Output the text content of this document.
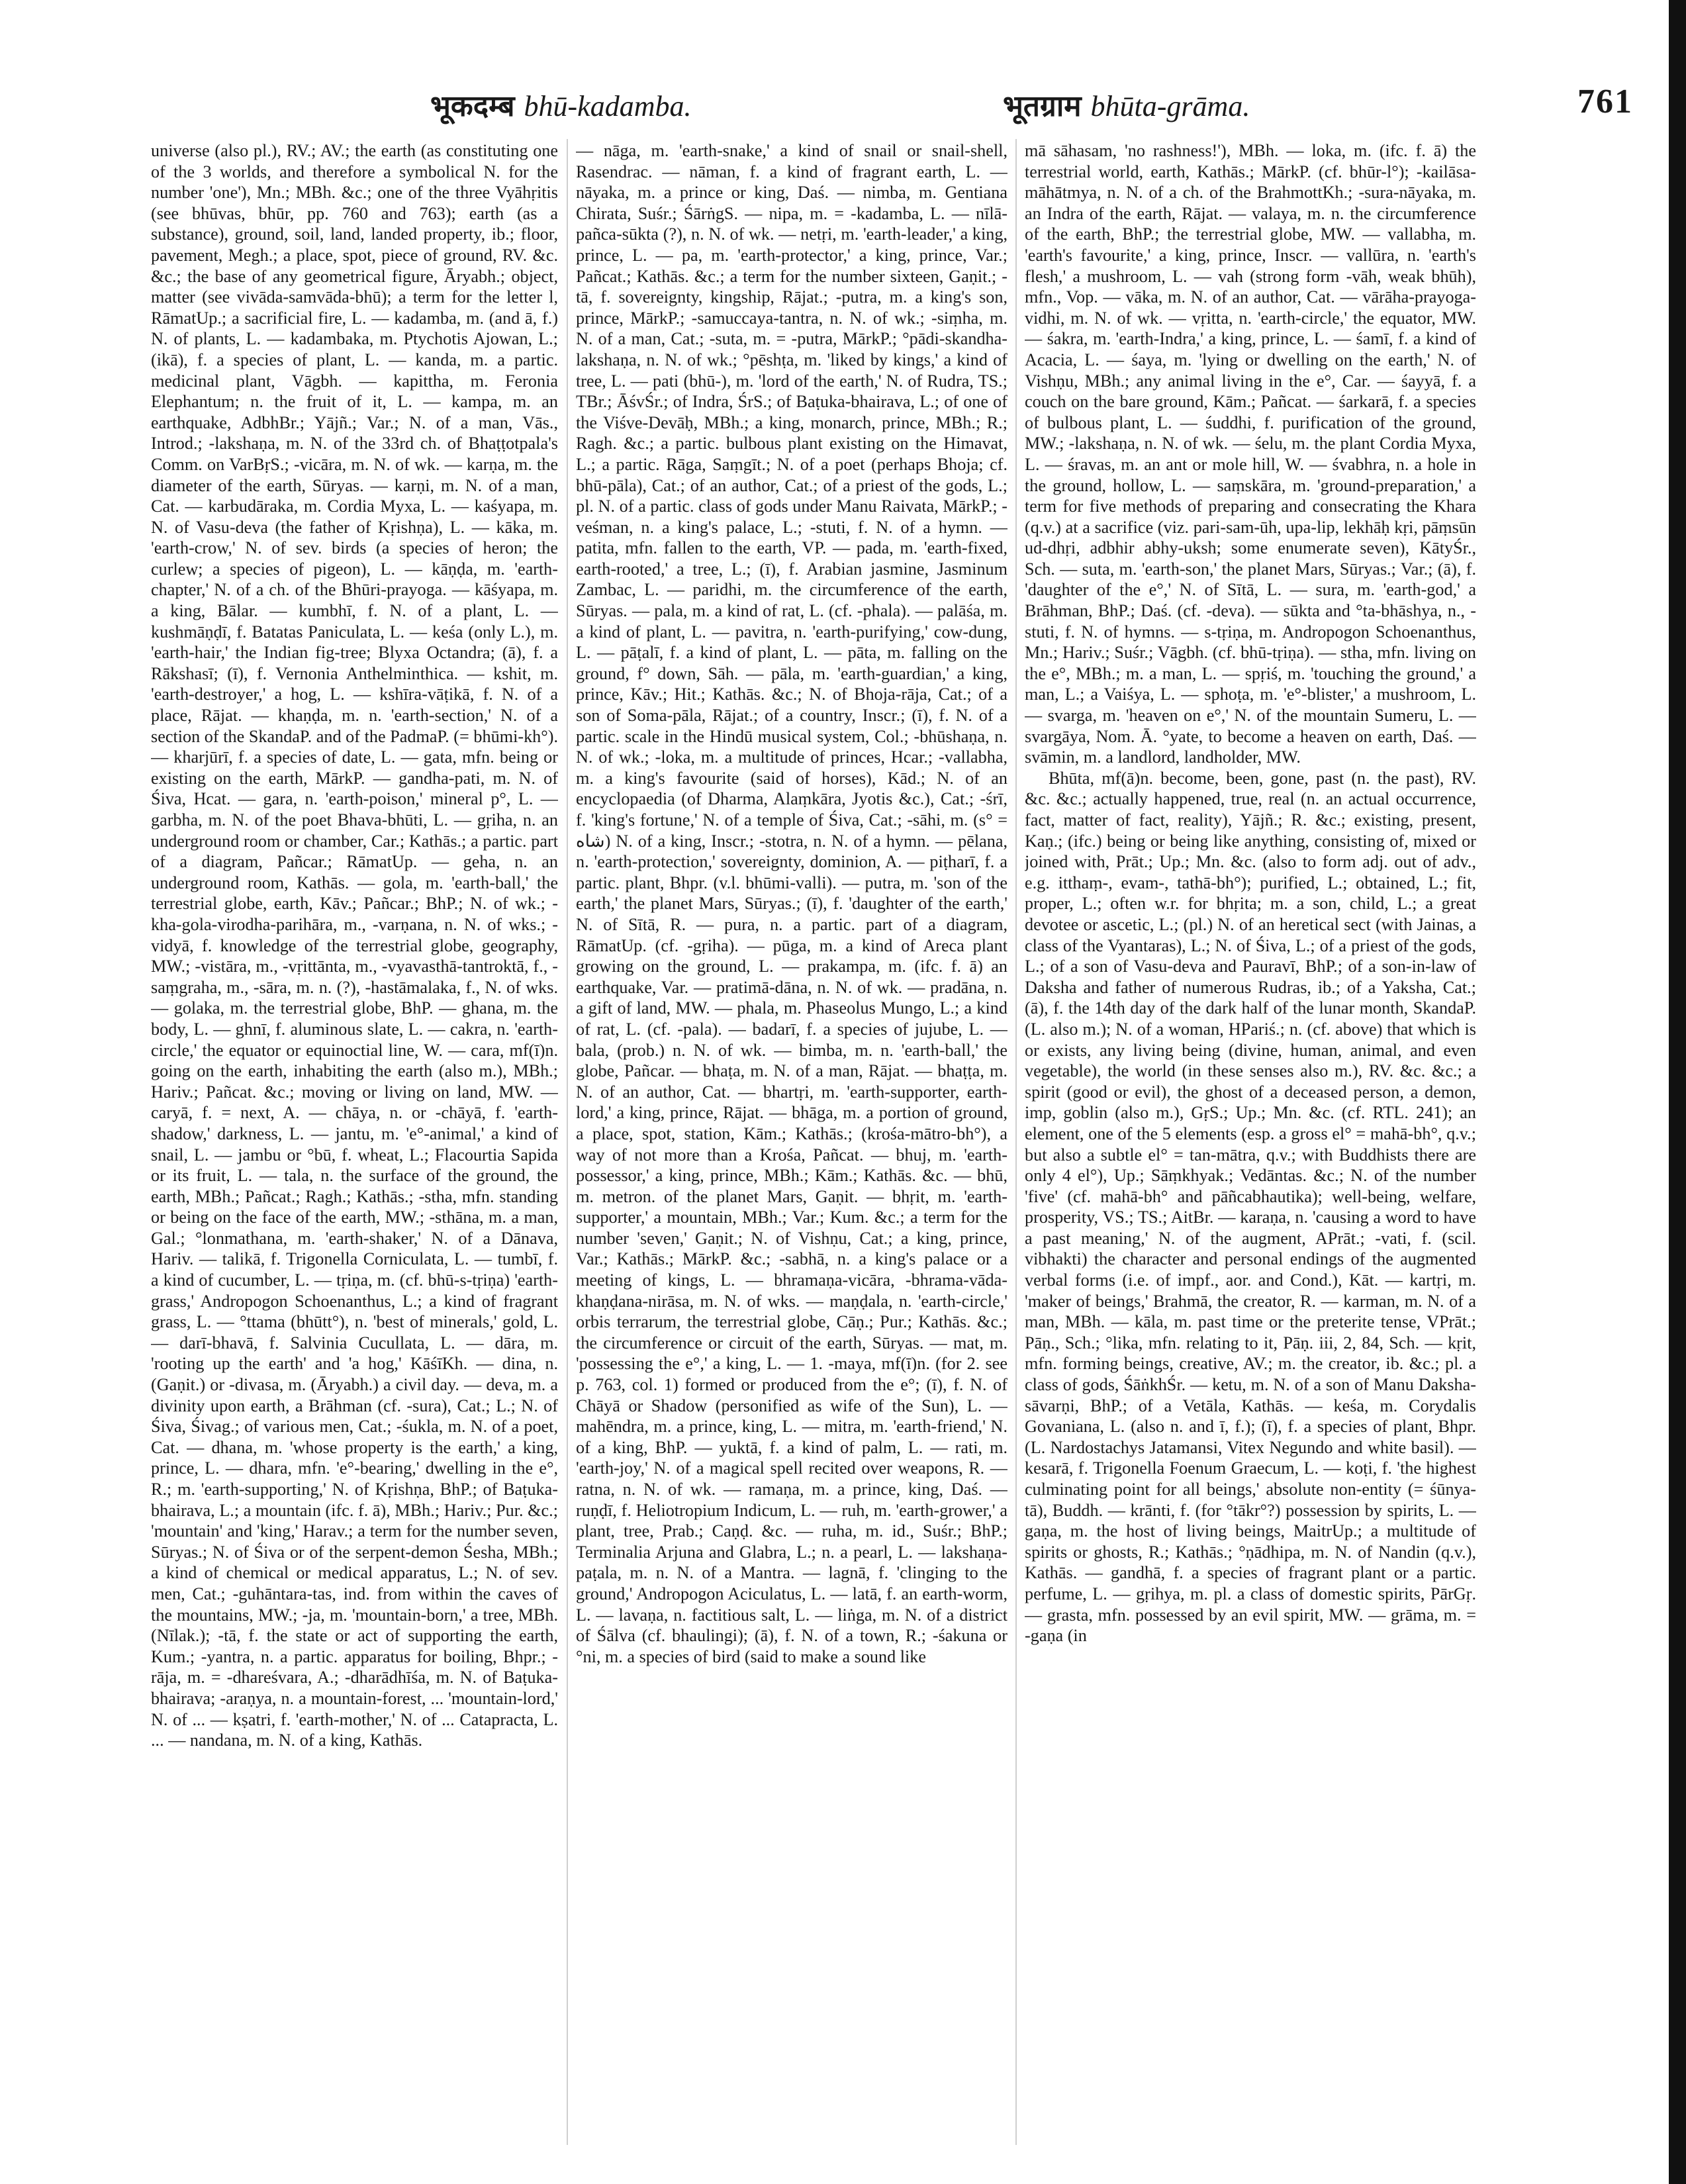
भूकदम्ब bhū-kadamba.	भूतग्राम bhūta-grāma.	761

universe (also pl.), RV.; AV.; the earth (as constituting one of the 3 worlds, and therefore a symbolical N. for the number 'one'), Mn.; MBh. &c.; one of the three Vyāhṛitis (see bhūvas, bhūr, pp. 760 and 763); earth (as a substance), ground, soil, land, landed property, ib.; floor, pavement, Megh.; a place, spot, piece of ground, RV. &c. &c.; the base of any geometrical figure, Āryabh.; object, matter (see vivāda-samvāda-bhū); a term for the letter l, RāmatUp.; a sacrificial fire, L. — kadamba, m. (and ā, f.) N. of plants, L. — kadambaka, m. Ptychotis Ajowan, L.; (ikā), f. a species of plant, L. — kanda, m. a partic. medicinal plant, Vāgbh. — kapittha, m. Feronia Elephantum; n. the fruit of it, L. — kampa, m. an earthquake, AdbhBr.; Yājñ.; Var.; N. of a man, Vās., Introd.; -lakshaṇa, m. N. of the 33rd ch. of Bhaṭṭotpala's Comm. on VarBṛS.; -vicāra, m. N. of wk. — karṇa, m. the diameter of the earth, Sūryas. — karṇi, m. N. of a man, Cat. — karbudāraka, m. Cordia Myxa, L. — kaśyapa, m. N. of Vasu-deva (the father of Kṛishṇa), L. — kāka, m. 'earth-crow,' N. of sev. birds (a species of heron; the curlew; a species of pigeon), L. — kāṇḍa, m. 'earth-chapter,' N. of a ch. of the Bhūri-prayoga. — kāśyapa, m. a king, Bālar. — kumbhī, f. N. of a plant, L. — kushmāṇḍī, f. Batatas Paniculata, L. — keśa (only L.), m. 'earth-hair,' the Indian fig-tree; Blyxa Octandra; (ā), f. a Rākshasī; (ī), f. Vernonia Anthelminthica. — kshit, m. 'earth-destroyer,' a hog, L. — kshīra-vāṭikā, f. N. of a place, Rājat. — khaṇḍa, m. n. 'earth-section,' N. of a section of the SkandaP. and of the PadmaP. (= bhūmi-kh°). — kharjūrī, f. a species of date, L. — gata, mfn. being or existing on the earth, MārkP. — gandha-pati, m. N. of Śiva, Hcat. — gara, n. 'earth-poison,' mineral p°, L. — garbha, m. N. of the poet Bhava-bhūti, L. — gṛiha, n. an underground room or chamber, Car.; Kathās.; a partic. part of a diagram, Pañcar.; RāmatUp. — geha, n. an underground room, Kathās. — gola, m. 'earth-ball,' the terrestrial globe, earth, Kāv.; Pañcar.; BhP.; N. of wk.; -kha-gola-virodha-parihāra, m., -varṇana, n. N. of wks.; -vidyā, f. knowledge of the terrestrial globe, geography, MW.; -vistāra, m., -vṛittānta, m., -vyavasthā-tantroktā, f., -saṃgraha, m., -sāra, m. n. (?), -hastāmalaka, f., N. of wks. — golaka, m. the terrestrial globe, BhP. — ghana, m. the body, L. — ghnī, f. aluminous slate, L. — cakra, n. 'earth-circle,' the equator or equinoctial line, W. — cara, mf(ī)n. going on the earth, inhabiting the earth (also m.), MBh.; Hariv.; Pañcat. &c.; moving or living on land, MW. — caryā, f. = next, A. — chāya, n. or -chāyā, f. 'earth-shadow,' darkness, L. — jantu, m. 'e°-animal,' a kind of snail, L. — jambu or °bū, f. wheat, L.; Flacourtia Sapida or its fruit, L. — tala, n. the surface of the ground, the earth, MBh.; Pañcat.; Ragh.; Kathās.; -stha, mfn. standing or being on the face of the earth, MW.; -sthāna, m. a man, Gal.; °lonmathana, m. 'earth-shaker,' N. of a Dānava, Hariv. — talikā, f. Trigonella Corniculata, L. — tumbī, f. a kind of cucumber, L. — tṛiṇa, m. (cf. bhū-s-tṛiṇa) 'earth-grass,' Andropogon Schoenanthus, L.; a kind of fragrant grass, L. — °ttama (bhūtt°), n. 'best of minerals,' gold, L. — darī-bhavā, f. Salvinia Cucullata, L. — dāra, m. 'rooting up the earth' and 'a hog,' KāśīKh. — dina, n. (Gaṇit.) or -divasa, m. (Āryabh.) a civil day. — deva, m. a divinity upon earth, a Brāhman (cf. -sura), Cat.; L.; N. of Śiva, Śivag.; of various men, Cat.; -śukla, m. N. of a poet, Cat. — dhana, m. 'whose property is the earth,' a king, prince, L. — dhara, mfn. 'e°-bearing,' dwelling in the e°, R.; m. 'earth-supporting,' N. of Kṛishṇa, BhP.; of Baṭuka-bhairava, L.; a mountain (ifc. f. ā), MBh.; Hariv.; Pur. &c.; 'mountain' and 'king,' Harav.; a term for the number seven, Sūryas.; N. of Śiva or of the serpent-demon Śesha, MBh.; a kind of chemical or medical apparatus, L.; N. of sev. men, Cat.; -guhāntara-tas, ind. from within the caves of the mountains, MW.; -ja, m. 'mountain-born,' a tree, MBh. (Nīlak.); -tā, f. the state or act of supporting the earth, Kum.; -yantra, n. a partic. apparatus for boiling, Bhpr.; -rāja, m. = -dhareśvara, A.; -dharādhīśa, m. N. of Baṭuka-bhairava; -araṇya, n. a mountain-forest, ... 'mountain-lord,' N. of ... — kṣatri, f. 'earth-mother,' N. of ... Catapracta, L. ... — nandana, m. N. of a king, Kathās.

— nāga, m. 'earth-snake,' a kind of snail or snail-shell, Rasendrac. — nāman, f. a kind of fragrant earth, L. — nāyaka, m. a prince or king, Daś. — nimba, m. Gentiana Chirata, Suśr.; ŚārṅgS. — nipa, m. = -kadamba, L. — nīlā-pañca-sūkta (?), n. N. of wk. — netṛi, m. 'earth-leader,' a king, prince, L. — pa, m. 'earth-protector,' a king, prince, Var.; Pañcat.; Kathās. &c.; a term for the number sixteen, Gaṇit.; -tā, f. sovereignty, kingship, Rājat.; -putra, m. a king's son, prince, MārkP.; -samuccaya-tantra, n. N. of wk.; -siṃha, m. N. of a man, Cat.; -suta, m. = -putra, MārkP.; °pādi-skandha-lakshaṇa, n. N. of wk.; °pēshṭa, m. 'liked by kings,' a kind of tree, L. — pati (bhū-), m. 'lord of the earth,' N. of Rudra, TS.; TBr.; ĀśvŚr.; of Indra, ŚrS.; of Baṭuka-bhairava, L.; of one of the Viśve-Devāḥ, MBh.; a king, monarch, prince, MBh.; R.; Ragh. &c.; a partic. bulbous plant existing on the Himavat, L.; a partic. Rāga, Saṃgīt.; N. of a poet (perhaps Bhoja; cf. bhū-pāla), Cat.; of an author, Cat.; of a priest of the gods, L.; pl. N. of a partic. class of gods under Manu Raivata, MārkP.; -veśman, n. a king's palace, L.; -stuti, f. N. of a hymn. — patita, mfn. fallen to the earth, VP. — pada, m. 'earth-fixed, earth-rooted,' a tree, L.; (ī), f. Arabian jasmine, Jasminum Zambac, L. — paridhi, m. the circumference of the earth, Sūryas. — pala, m. a kind of rat, L. (cf. -phala). — palāśa, m. a kind of plant, L. — pavitra, n. 'earth-purifying,' cow-dung, L. — pāṭalī, f. a kind of plant, L. — pāta, m. falling on the ground, f° down, Sāh. — pāla, m. 'earth-guardian,' a king, prince, Kāv.; Hit.; Kathās. &c.; N. of Bhoja-rāja, Cat.; of a son of Soma-pāla, Rājat.; of a country, Inscr.; (ī), f. N. of a partic. scale in the Hindū musical system, Col.; -bhūshaṇa, n. N. of wk.; -loka, m. a multitude of princes, Hcar.; -vallabha, m. a king's favourite (said of horses), Kād.; N. of an encyclopaedia (of Dharma, Alaṃkāra, Jyotis &c.), Cat.; -śrī, f. 'king's fortune,' N. of a temple of Śiva, Cat.; -sāhi, m. (s° = شاه) N. of a king, Inscr.; -stotra, n. N. of a hymn. — pēlana, n. 'earth-protection,' sovereignty, dominion, A. — piṭharī, f. a partic. plant, Bhpr. (v.l. bhūmi-valli). — putra, m. 'son of the earth,' the planet Mars, Sūryas.; (ī), f. 'daughter of the earth,' N. of Sītā, R. — pura, n. a partic. part of a diagram, RāmatUp. (cf. -gṛiha). — pūga, m. a kind of Areca plant growing on the ground, L. — prakampa, m. (ifc. f. ā) an earthquake, Var. — pratimā-dāna, n. N. of wk. — pradāna, n. a gift of land, MW. — phala, m. Phaseolus Mungo, L.; a kind of rat, L. (cf. -pala). — badarī, f. a species of jujube, L. — bala, (prob.) n. N. of wk. — bimba, m. n. 'earth-ball,' the globe, Pañcar. — bhaṭa, m. N. of a man, Rājat. — bhaṭṭa, m. N. of an author, Cat. — bhartṛi, m. 'earth-supporter, earth-lord,' a king, prince, Rājat. — bhāga, m. a portion of ground, a place, spot, station, Kām.; Kathās.; (krośa-mātro-bh°), a way of not more than a Krośa, Pañcat. — bhuj, m. 'earth-possessor,' a king, prince, MBh.; Kām.; Kathās. &c. — bhū, m. metron. of the planet Mars, Gaṇit. — bhṛit, m. 'earth-supporter,' a mountain, MBh.; Var.; Kum. &c.; a term for the number 'seven,' Gaṇit.; N. of Vishṇu, Cat.; a king, prince, Var.; Kathās.; MārkP. &c.; -sabhā, n. a king's palace or a meeting of kings, L. — bhramaṇa-vicāra, -bhrama-vāda-khaṇḍana-nirāsa, m. N. of wks. — maṇḍala, n. 'earth-circle,' orbis terrarum, the terrestrial globe, Cāṇ.; Pur.; Kathās. &c.; the circumference or circuit of the earth, Sūryas. — mat, m. 'possessing the e°,' a king, L. — 1. -maya, mf(ī)n. (for 2. see p. 763, col. 1) formed or produced from the e°; (ī), f. N. of Chāyā or Shadow (personified as wife of the Sun), L. — mahēndra, m. a prince, king, L. — mitra, m. 'earth-friend,' N. of a king, BhP. — yuktā, f. a kind of palm, L. — rati, m. 'earth-joy,' N. of a magical spell recited over weapons, R. — ratna, n. N. of wk. — ramaṇa, m. a prince, king, Daś. — ruṇḍī, f. Heliotropium Indicum, L. — ruh, m. 'earth-grower,' a plant, tree, Prab.; Caṇḍ. &c. — ruha, m. id., Suśr.; BhP.; Terminalia Arjuna and Glabra, L.; n. a pearl, L. — lakshaṇa-paṭala, m. n. N. of a Mantra. — lagnā, f. 'clinging to the ground,' Andropogon Aciculatus, L. — latā, f. an earth-worm, L. — lavaṇa, n. factitious salt, L. — liṅga, m. N. of a district of Śālva (cf. bhaulingi); (ā), f. N. of a town, R.; -śakuna or °ni, m. a species of bird (said to make a sound like

mā sāhasam, 'no rashness!'), MBh. — loka, m. (ifc. f. ā) the terrestrial world, earth, Kathās.; MārkP. (cf. bhūr-l°); -kailāsa-māhātmya, n. N. of a ch. of the BrahmottKh.; -sura-nāyaka, m. an Indra of the earth, Rājat. — valaya, m. n. the circumference of the earth, BhP.; the terrestrial globe, MW. — vallabha, m. 'earth's favourite,' a king, prince, Inscr. — vallūra, n. 'earth's flesh,' a mushroom, L. — vah (strong form -vāh, weak bhūh), mfn., Vop. — vāka, m. N. of an author, Cat. — vārāha-prayoga-vidhi, m. N. of wk. — vṛitta, n. 'earth-circle,' the equator, MW. — śakra, m. 'earth-Indra,' a king, prince, L. — śamī, f. a kind of Acacia, L. — śaya, m. 'lying or dwelling on the earth,' N. of Vishṇu, MBh.; any animal living in the e°, Car. — śayyā, f. a couch on the bare ground, Kām.; Pañcat. — śarkarā, f. a species of bulbous plant, L. — śuddhi, f. purification of the ground, MW.; -lakshaṇa, n. N. of wk. — śelu, m. the plant Cordia Myxa, L. — śravas, m. an ant or mole hill, W. — śvabhra, n. a hole in the ground, hollow, L. — saṃskāra, m. 'ground-preparation,' a term for five methods of preparing and consecrating the Khara (q.v.) at a sacrifice (viz. pari-sam-ūh, upa-lip, lekhāḥ kṛi, pāṃsūn ud-dhṛi, adbhir abhy-uksh; some enumerate seven), KātyŚr., Sch. — suta, m. 'earth-son,' the planet Mars, Sūryas.; Var.; (ā), f. 'daughter of the e°,' N. of Sītā, L. — sura, m. 'earth-god,' a Brāhman, BhP.; Daś. (cf. -deva). — sūkta and °ta-bhāshya, n., -stuti, f. N. of hymns. — s-tṛiṇa, m. Andropogon Schoenanthus, Mn.; Hariv.; Suśr.; Vāgbh. (cf. bhū-tṛiṇa). — stha, mfn. living on the e°, MBh.; m. a man, L. — spṛiś, m. 'touching the ground,' a man, L.; a Vaiśya, L. — sphoṭa, m. 'e°-blister,' a mushroom, L. — svarga, m. 'heaven on e°,' N. of the mountain Sumeru, L. — svargāya, Nom. Ā. °yate, to become a heaven on earth, Daś. — svāmin, m. a landlord, landholder, MW.

Bhūta, mf(ā)n. become, been, gone, past (n. the past), RV. &c. &c.; actually happened, true, real (n. an actual occurrence, fact, matter of fact, reality), Yājñ.; R. &c.; existing, present, Kaṇ.; (ifc.) being or being like anything, consisting of, mixed or joined with, Prāt.; Up.; Mn. &c. (also to form adj. out of adv., e.g. itthaṃ-, evam-, tathā-bh°); purified, L.; obtained, L.; fit, proper, L.; often w.r. for bhṛita; m. a son, child, L.; a great devotee or ascetic, L.; (pl.) N. of an heretical sect (with Jainas, a class of the Vyantaras), L.; N. of Śiva, L.; of a priest of the gods, L.; of a son of Vasu-deva and Pauravī, BhP.; of a son-in-law of Daksha and father of numerous Rudras, ib.; of a Yaksha, Cat.; (ā), f. the 14th day of the dark half of the lunar month, SkandaP. (L. also m.); N. of a woman, HPariś.; n. (cf. above) that which is or exists, any living being (divine, human, animal, and even vegetable), the world (in these senses also m.), RV. &c. &c.; a spirit (good or evil), the ghost of a deceased person, a demon, imp, goblin (also m.), GṛS.; Up.; Mn. &c. (cf. RTL. 241); an element, one of the 5 elements (esp. a gross el° = mahā-bh°, q.v.; but also a subtle el° = tan-mātra, q.v.; with Buddhists there are only 4 el°), Up.; Sāṃkhyak.; Vedāntas. &c.; N. of the number 'five' (cf. mahā-bh° and pāñcabhautika); well-being, welfare, prosperity, VS.; TS.; AitBr. — karaṇa, n. 'causing a word to have a past meaning,' N. of the augment, APrāt.; -vati, f. (scil. vibhakti) the character and personal endings of the augmented verbal forms (i.e. of impf., aor. and Cond.), Kāt. — kartṛi, m. 'maker of beings,' Brahmā, the creator, R. — karman, m. N. of a man, MBh. — kāla, m. past time or the preterite tense, VPrāt.; Pāṇ., Sch.; °lika, mfn. relating to it, Pāṇ. iii, 2, 84, Sch. — kṛit, mfn. forming beings, creative, AV.; m. the creator, ib. &c.; pl. a class of gods, ŚāṅkhŚr. — ketu, m. N. of a son of Manu Daksha-sāvarṇi, BhP.; of a Vetāla, Kathās. — keśa, m. Corydalis Govaniana, L. (also n. and ī, f.); (ī), f. a species of plant, Bhpr. (L. Nardostachys Jatamansi, Vitex Negundo and white basil). — kesarā, f. Trigonella Foenum Graecum, L. — koṭi, f. 'the highest culminating point for all beings,' absolute non-entity (= śūnya-tā), Buddh. — krānti, f. (for °tākr°?) possession by spirits, L. — gaṇa, m. the host of living beings, MaitrUp.; a multitude of spirits or ghosts, R.; Kathās.; °ṇādhipa, m. N. of Nandin (q.v.), Kathās. — gandhā, f. a species of fragrant plant or a partic. perfume, L. — gṛihya, m. pl. a class of domestic spirits, PārGṛ. — grasta, mfn. possessed by an evil spirit, MW. — grāma, m. = -gaṇa (in
